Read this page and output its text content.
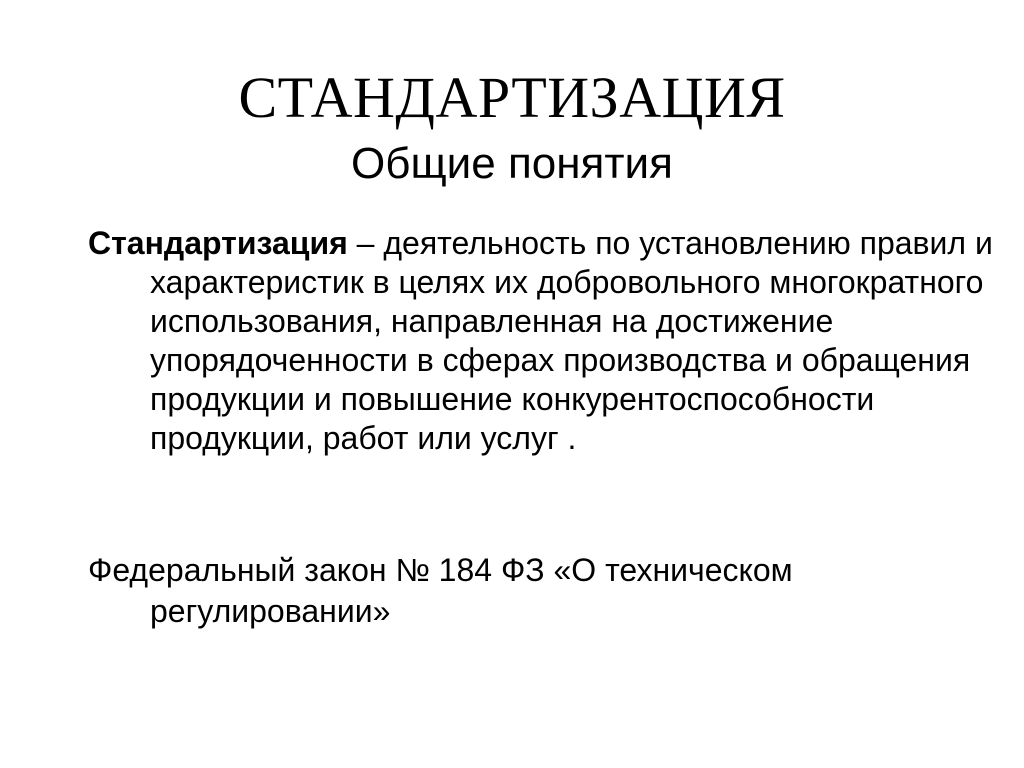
СТАНДАРТИЗАЦИЯ
Общие понятия

Стандартизация – деятельность по установлению правил и характеристик в целях их добровольного многократного использования, направленная на достижение упорядоченности в сферах производства и обращения продукции и повышение конкурентоспособности продукции, работ или услуг .

Федеральный закон № 184 ФЗ «О техническом регулировании»
